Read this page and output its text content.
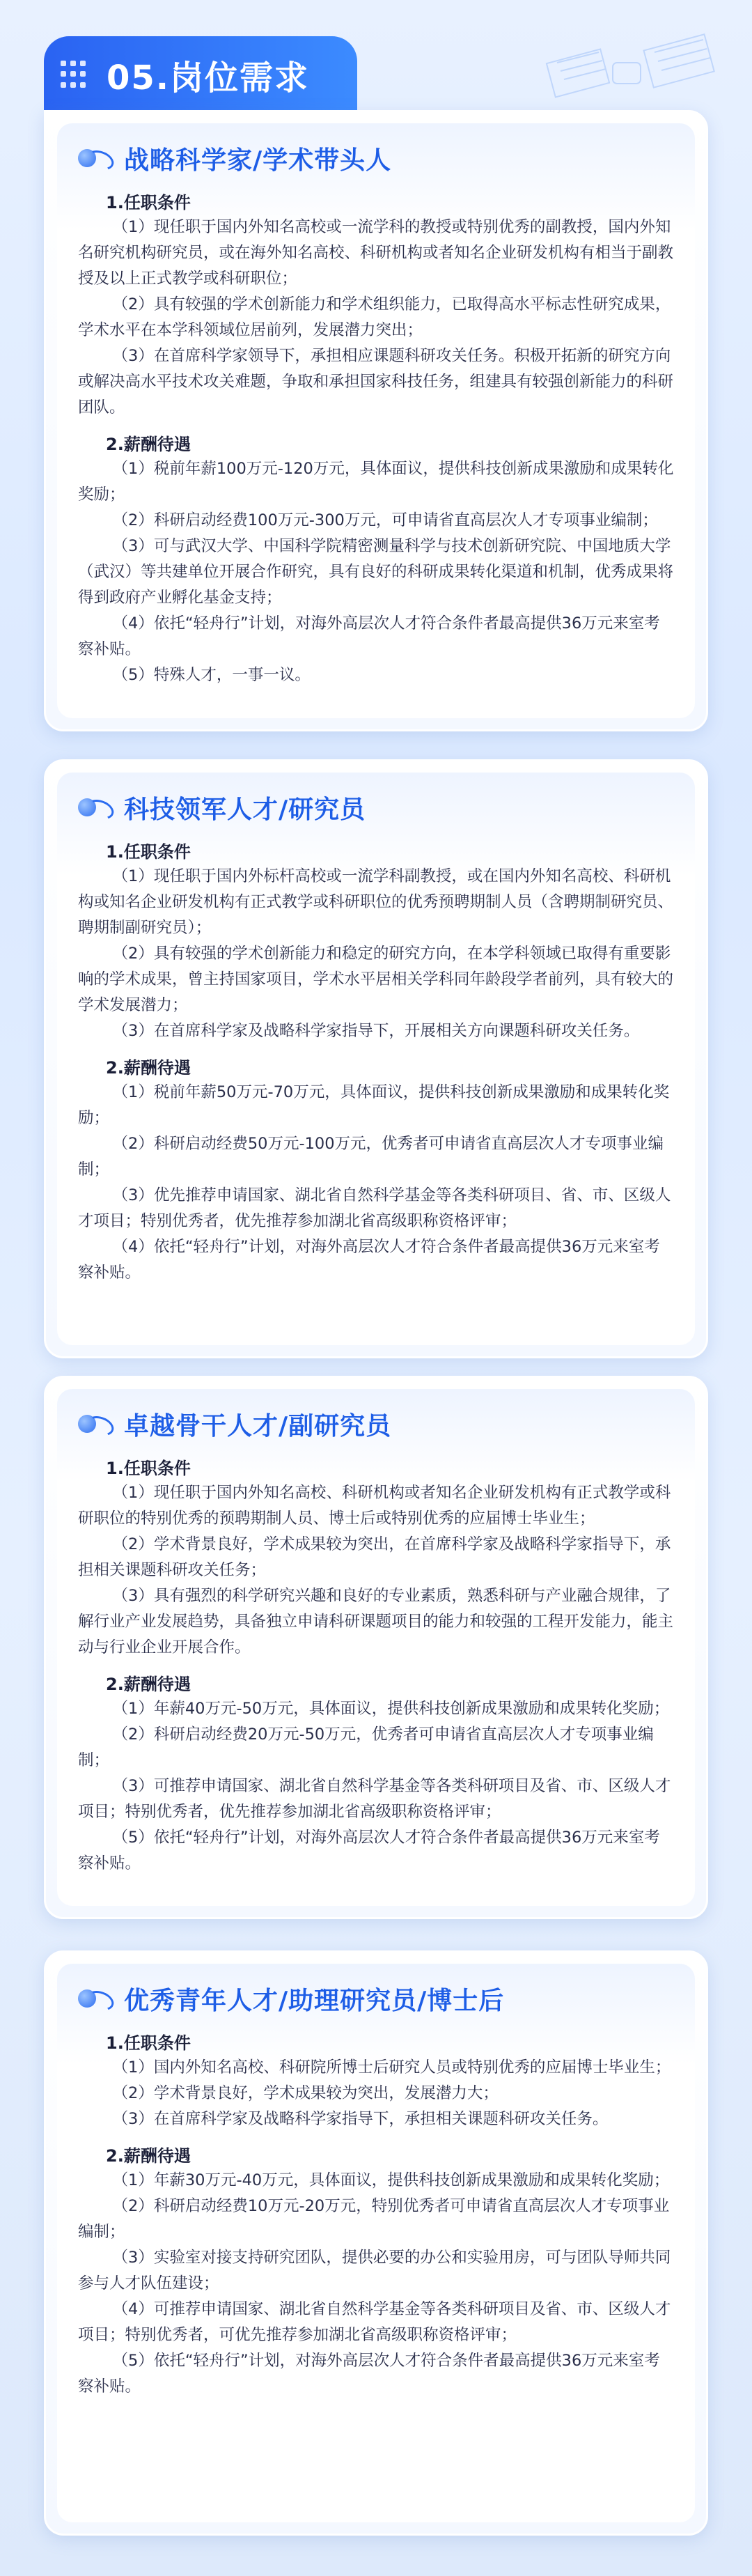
05.岗位需求
战略科学家/学术带头人
1.任职条件

（1）现任职于国内外知名高校或一流学科的教授或特别优秀的副教授，国内外知名研究机构研究员，或在海外知名高校、科研机构或者知名企业研发机构有相当于副教授及以上正式教学或科研职位；

（2）具有较强的学术创新能力和学术组织能力，已取得高水平标志性研究成果，学术水平在本学科领域位居前列，发展潜力突出；

（3）在首席科学家领导下，承担相应课题科研攻关任务。积极开拓新的研究方向或解决高水平技术攻关难题，争取和承担国家科技任务，组建具有较强创新能力的科研团队。

2.薪酬待遇

（1）税前年薪100万元-120万元，具体面议，提供科技创新成果激励和成果转化奖励；

（2）科研启动经费100万元-300万元，可申请省直高层次人才专项事业编制；

（3）可与武汉大学、中国科学院精密测量科学与技术创新研究院、中国地质大学（武汉）等共建单位开展合作研究，具有良好的科研成果转化渠道和机制，优秀成果将得到政府产业孵化基金支持；

（4）依托“轻舟行”计划，对海外高层次人才符合条件者最高提供36万元来室考察补贴。

（5）特殊人才，一事一议。

科技领军人才/研究员
1.任职条件

（1）现任职于国内外标杆高校或一流学科副教授，或在国内外知名高校、科研机构或知名企业研发机构有正式教学或科研职位的优秀预聘期制人员（含聘期制研究员、聘期制副研究员）；

（2）具有较强的学术创新能力和稳定的研究方向，在本学科领域已取得有重要影响的学术成果，曾主持国家项目，学术水平居相关学科同年龄段学者前列，具有较大的学术发展潜力；

（3）在首席科学家及战略科学家指导下，开展相关方向课题科研攻关任务。

2.薪酬待遇

（1）税前年薪50万元-70万元，具体面议，提供科技创新成果激励和成果转化奖励；

（2）科研启动经费50万元-100万元，优秀者可申请省直高层次人才专项事业编制；

（3）优先推荐申请国家、湖北省自然科学基金等各类科研项目、省、市、区级人才项目；特别优秀者，优先推荐参加湖北省高级职称资格评审；

（4）依托“轻舟行”计划，对海外高层次人才符合条件者最高提供36万元来室考察补贴。

卓越骨干人才/副研究员
1.任职条件

（1）现任职于国内外知名高校、科研机构或者知名企业研发机构有正式教学或科研职位的特别优秀的预聘期制人员、博士后或特别优秀的应届博士毕业生；

（2）学术背景良好，学术成果较为突出，在首席科学家及战略科学家指导下，承担相关课题科研攻关任务；

（3）具有强烈的科学研究兴趣和良好的专业素质，熟悉科研与产业融合规律，了解行业产业发展趋势，具备独立申请科研课题项目的能力和较强的工程开发能力，能主动与行业企业开展合作。

2.薪酬待遇

（1）年薪40万元-50万元，具体面议，提供科技创新成果激励和成果转化奖励；

（2）科研启动经费20万元-50万元，优秀者可申请省直高层次人才专项事业编制；

（3）可推荐申请国家、湖北省自然科学基金等各类科研项目及省、市、区级人才项目；特别优秀者，优先推荐参加湖北省高级职称资格评审；

（5）依托“轻舟行”计划，对海外高层次人才符合条件者最高提供36万元来室考察补贴。

优秀青年人才/助理研究员/博士后
1.任职条件

（1）国内外知名高校、科研院所博士后研究人员或特别优秀的应届博士毕业生；

（2）学术背景良好，学术成果较为突出，发展潜力大；

（3）在首席科学家及战略科学家指导下，承担相关课题科研攻关任务。

2.薪酬待遇

（1）年薪30万元-40万元，具体面议，提供科技创新成果激励和成果转化奖励；

（2）科研启动经费10万元-20万元，特别优秀者可申请省直高层次人才专项事业编制；

（3）实验室对接支持研究团队，提供必要的办公和实验用房，可与团队导师共同参与人才队伍建设；

（4）可推荐申请国家、湖北省自然科学基金等各类科研项目及省、市、区级人才项目；特别优秀者，可优先推荐参加湖北省高级职称资格评审；

（5）依托“轻舟行”计划，对海外高层次人才符合条件者最高提供36万元来室考察补贴。
